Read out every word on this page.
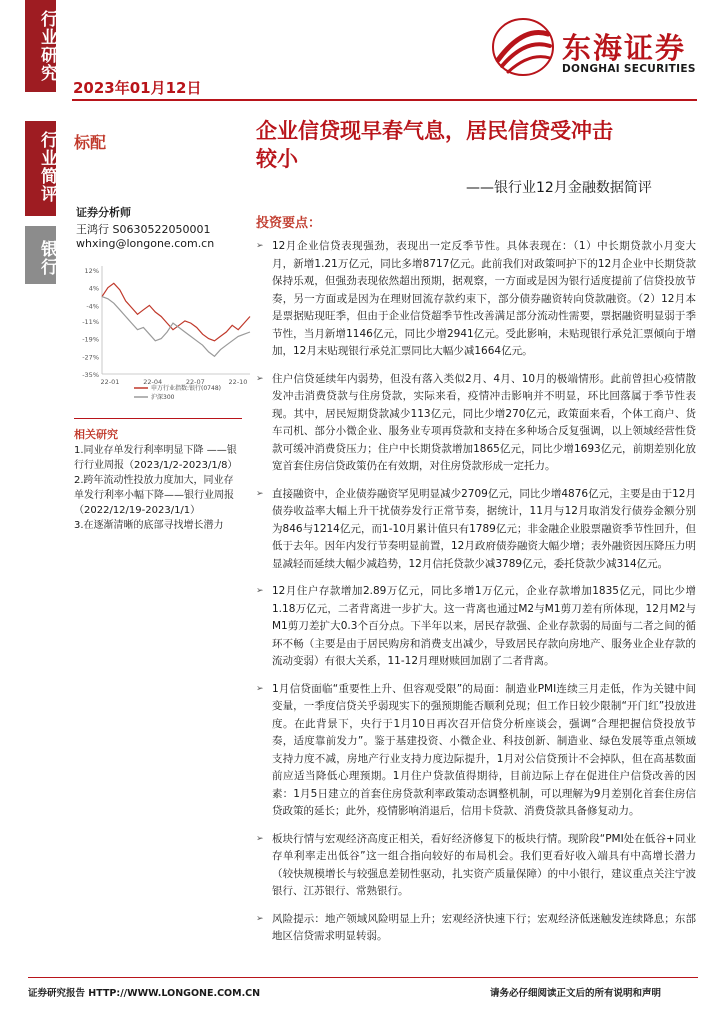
行业研究
行业简评
银行
东海证券
DONGHAI SECURITIES
2023年01月12日
标配	企业信贷现早春气息，居民信贷受冲击
较小
——银行业12月金融数据简评
证券分析师
王鸿行 S0630522050001
whxing@longone.com.cn
12%
4%
-4%
-11%
-19%
-27%
-35%
22-01	22-04	22-07	22-10
申万行业指数:银行(0748)
沪深300
相关研究
1.同业存单发行利率明显下降 ——银行行业周报（2023/1/2-2023/1/8）
2.跨年流动性投放力度加大，同业存单发行利率小幅下降——银行业周报（2022/12/19-2023/1/1）
3.在逐渐清晰的底部寻找增长潜力
投资要点：
➢ 12月企业信贷表现强劲，表现出一定反季节性。具体表现在：（1）中长期贷款小月变大月，新增1.21万亿元，同比多增8717亿元。此前我们对政策呵护下的12月企业中长期贷款保持乐观，但强劲表现依然超出预期，据观察，一方面或是因为银行适度提前了信贷投放节奏，另一方面或是因为在理财回流存款约束下，部分债券融资转向贷款融资。（2）12月本是票据贴现旺季，但由于企业信贷超季节性改善满足部分流动性需要，票据融资明显弱于季节性，当月新增1146亿元，同比少增2941亿元。受此影响，未贴现银行承兑汇票倾向于增加，12月末贴现银行承兑汇票同比大幅少减1664亿元。
➢ 住户信贷延续年内弱势，但没有落入类似2月、4月、10月的极端情形。此前曾担心疫情散发冲击消费贷款与住房贷款，实际来看，疫情冲击影响并不明显，环比回落属于季节性表现。其中，居民短期贷款减少113亿元，同比少增270亿元，政策面来看，个体工商户、货车司机、部分小微企业、服务业专项再贷款和支持在多种场合反复强调，以上领域经营性贷款可缓冲消费贷压力；住户中长期贷款增加1865亿元，同比少增1693亿元，前期差别化放宽首套住房信贷政策仍在有效期，对住房贷款形成一定托力。
➢ 直接融资中，企业债券融资罕见明显减少2709亿元，同比少增4876亿元，主要是由于12月债券收益率大幅上升干扰债券发行正常节奏，据统计，11月与12月取消发行债券金额分别为846与1214亿元，而1-10月累计值只有1789亿元；非金融企业股票融资季节性回升，但低于去年。因年内发行节奏明显前置，12月政府债券融资大幅少增；表外融资因压降压力明显减轻而延续大幅少减趋势，12月信托贷款少减3789亿元，委托贷款少减314亿元。
➢ 12月住户存款增加2.89万亿元，同比多增1万亿元，企业存款增加1835亿元，同比少增1.18万亿元，二者背离进一步扩大。这一背离也通过M2与M1剪刀差有所体现，12月M2与M1剪刀差扩大0.3个百分点。下半年以来，居民存款强、企业存款弱的局面与二者之间的循环不畅（主要是由于居民购房和消费支出减少，导致居民存款向房地产、服务业企业存款的流动变弱）有很大关系，11-12月理财赎回加剧了二者背离。
➢ 1月信贷面临“重要性上升、但容观受限”的局面：制造业PMI连续三月走低，作为关键中间变量，一季度信贷关乎弱现实下的强预期能否顺利兑现；但工作日较少限制“开门红”投放进度。在此背景下，央行于1月10日再次召开信贷分析座谈会，强调“合理把握信贷投放节奏，适度靠前发力”。鉴于基建投资、小微企业、科技创新、制造业、绿色发展等重点领域支持力度不减，房地产行业支持力度边际提升，1月对公信贷预计不会掉队，但在高基数面前应适当降低心理预期。1月住户贷款值得期待，目前边际上存在促进住户信贷改善的因素：1月5日建立的首套住房贷款利率政策动态调整机制，可以理解为9月差别化首套住房信贷政策的延长；此外，疫情影响消退后，信用卡贷款、消费贷款具备修复动力。
➢ 板块行情与宏观经济高度正相关，看好经济修复下的板块行情。现阶段“PMI处在低谷+同业存单利率走出低谷”这一组合指向较好的布局机会。我们更看好收入端具有中高增长潜力（较快规模增长与较强息差韧性驱动，扎实资产质量保障）的中小银行，建议重点关注宁波银行、江苏银行、常熟银行。
➢ 风险提示：地产领域风险明显上升；宏观经济快速下行；宏观经济低迷触发连续降息；东部地区信贷需求明显转弱。
证券研究报告 HTTP://WWW.LONGONE.COM.CN	请务必仔细阅读正文后的所有说明和声明
